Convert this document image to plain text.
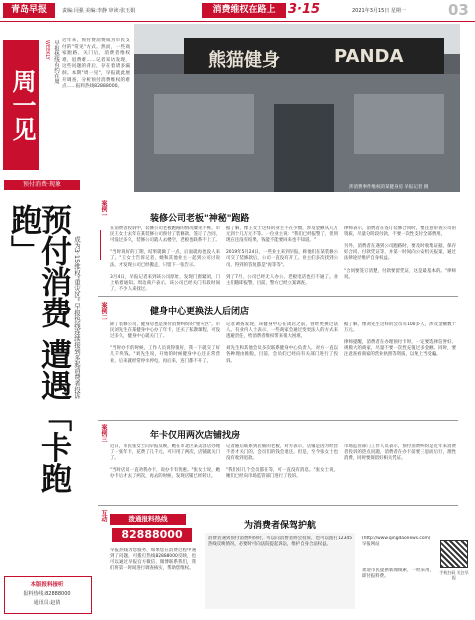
青岛早报	责编:闫强 美编:李静 审读:张玉娟	消费维权在路上 3·15	2021年3月15日 星期一	03
周一见
WEEKLY 早报热线有约在周 近年来，预付费消费成为市民支付的"常见"方式。然而，一些商家跑路、关门后，消费者维权难、退费难……记者采访发现，这些问题的背后，存在着诸多漏洞。本期"周一见"，早报就此展开调查，分析预付消费维权的难点……报料热线82888000。
预付消费·现象
熊猫健身	PANDA
涉消费事件维权的某健身房 早报记者 摄
成为3·15维权"重灾区" 早报热线连续接到多起消费者投诉
预付消费 遭遇「卡跑跑」	案例一
装修公司老板"神秘"跑路
在消费者投诉中，装修公司老板跑路的情况屡见不鲜。市民王女士去年在某装修公司预付了装修款，签订了合同，可没过多久，装修公司就人去楼空，老板也联系不上了。

"当时说好的工期，结果就做了一点，后面就再也没人来了。"王女士告诉记者，她和其他业主一起到公司讨说法，才发现公司已经搬走，只留下一张告示。

3月4日，早报记者来到该公司原址，发现门窗紧闭，门上贴着通知。周边商户表示，该公司已经关门有段时间了，不少人来找过。
据了解，像王女士这样的业主不在少数，涉及金额从几万元到十几万元不等。一位业主说："我们已经报警了，但到现在还没有结果，钱能不能要回来也不知道。"

2019年5月24日，一些业主来到早报，称他们在某装修公司交了装修款后，公司一直没有开工。业主们多次找到公司，得到的答复都是"再等等"。

到了7月，公司已经无人办公，老板电话也打不通了。业主们随即报警，目前，警方已经立案调查。
律师表示，消费者在签订装修合同时，要注意审查公司的资质，尽量分阶段付款，不要一次性支付全部费用。

另外，消费者在遇到公司跑路时，要及时收集证据，保存好合同、付款凭证等，并第一时间向公安机关报案，通过法律途径维护自身权益。

"合同要签订清楚，付款要留凭证，这是最基本的。"律师说。
案例二	健身中心更换法人后闭店
除了装修公司，健身房也是预付消费纠纷的"重灾区"。市民刘先生在某健身中心办了年卡，还买了私教课程，可没过多久，健身中心就关门了。

"当时办卡的时候，工作人员说得很好，我一下就交了好几千块钱。"刘先生说，开始的时候健身中心还正常营业，后来就经常停水停电，再后来，连门都不开了。
记者调查发现，该健身中心在闭店之前，曾经更换过法人。有业内人士表示，一些商家会通过变更法人的方式来逃避责任，给消费者维权带来很大困难。

刘先生和其他会员多次联系健身中心负责人，对方一直以各种理由推脱。目前，会员们已经向有关部门进行了投诉。
据了解，像刘先生这样的会员有100多人，涉及金额数十万元。

律师提醒，消费者在办理预付卡时，一定要选择信誉好、规模大的商家，尽量不要一次性充值过多金额。同时，要注意查看商家的营业执照等资质，以免上当受骗。
案例三	年卡仅用两次店铺找房
近日，市民张女士向早报反映，她在市北区某美容店办理了一张年卡，花费了几千元，可只用了两次，店铺就关门了。

"当时店员一直劝我办卡，说办卡有优惠。"张女士说，她办卡后才去了两次，再去的时候，发现店铺已经转让。
记者随后联系到店铺的老板，对方表示，店铺是因为经营不善才关门的，会员们的钱会退还。但是，至今张女士也没有收到退款。

"我们好几个会员都在等，可一直没有消息。"张女士说，她们已经向市场监管部门进行了投诉。
市场监管部门工作人员表示，预付消费纠纷是近年来消费者投诉的热点问题，消费者在办卡前要三思而后行，理性消费，同时要保留好相关凭证。
互动	拨通报料热线
82888000
早报热线为您服务，如果您在消费过程中遇到了问题，可拨打热线82888000反映，也可以通过早报官方微信、微博联系我们，我们将第一时间进行调查核实，帮助您维权。
为消费者保驾护航
消费者遇到预付消费纠纷时，可以向消费者协会投诉，也可以拨打12345热线反映情况，必要时可向法院提起诉讼，维护自身合法权益。
(http://www.qingdaonews.com)早报网站
欢迎市民提供新闻线索，一经采用，即付报料费。
手机扫码 关注早报
本版报料接听
报料热线:82888000
通讯员:赵倩
